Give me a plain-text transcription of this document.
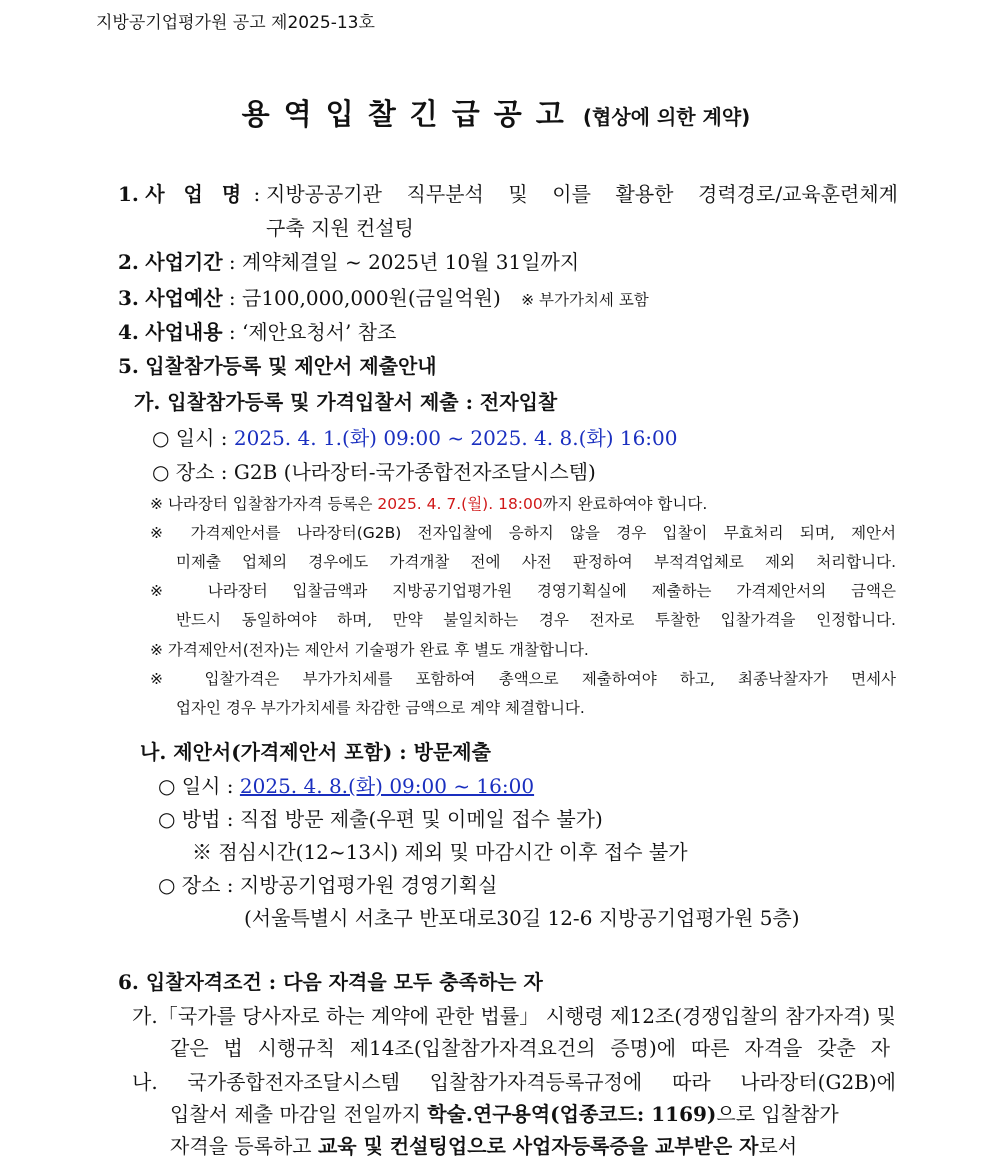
지방공기업평가원 공고 제2025-13호
용역입찰긴급공고 (협상에 의한 계약)
1. 사 업 명 : 지방공공기관 직무분석 및 이를 활용한 경력경로/교육훈련체계
구축 지원 컨설팅
2. 사업기간 : 계약체결일 ~ 2025년 10월 31일까지
3. 사업예산 : 금100,000,000원(금일억원) ※ 부가가치세 포함
4. 사업내용 : ‘제안요청서’ 참조
5. 입찰참가등록 및 제안서 제출안내
가. 입찰참가등록 및 가격입찰서 제출 : 전자입찰
○ 일시 : 2025. 4. 1.(화) 09:00 ~ 2025. 4. 8.(화) 16:00
○ 장소 : G2B (나라장터-국가종합전자조달시스템)
※ 나라장터 입찰참가자격 등록은 2025. 4. 7.(월). 18:00까지 완료하여야 합니다.
※ 가격제안서를 나라장터(G2B) 전자입찰에 응하지 않을 경우 입찰이 무효처리 되며, 제안서
미제출 업체의 경우에도 가격개찰 전에 사전 판정하여 부적격업체로 제외 처리합니다.
※ 나라장터 입찰금액과 지방공기업평가원 경영기획실에 제출하는 가격제안서의 금액은
반드시 동일하여야 하며, 만약 불일치하는 경우 전자로 투찰한 입찰가격을 인정합니다.
※ 가격제안서(전자)는 제안서 기술평가 완료 후 별도 개찰합니다.
※ 입찰가격은 부가가치세를 포함하여 총액으로 제출하여야 하고, 최종낙찰자가 면세사
업자인 경우 부가가치세를 차감한 금액으로 계약 체결합니다.
나. 제안서(가격제안서 포함) : 방문제출
○ 일시 : 2025. 4. 8.(화) 09:00 ~ 16:00
○ 방법 : 직접 방문 제출(우편 및 이메일 접수 불가)
※ 점심시간(12~13시) 제외 및 마감시간 이후 접수 불가
○ 장소 : 지방공기업평가원 경영기획실
(서울특별시 서초구 반포대로30길 12-6 지방공기업평가원 5층)
6. 입찰자격조건 : 다음 자격을 모두 충족하는 자
가.「국가를 당사자로 하는 계약에 관한 법률」 시행령 제12조(경쟁입찰의 참가자격) 및
같은 법 시행규칙 제14조(입찰참가자격요건의 증명)에 따른 자격을 갖춘 자
나. 국가종합전자조달시스템 입찰참가자격등록규정에 따라 나라장터(G2B)에
입찰서 제출 마감일 전일까지 학술.연구용역(업종코드: 1169)으로 입찰참가
자격을 등록하고 교육 및 컨설팅업으로 사업자등록증을 교부받은 자로서
